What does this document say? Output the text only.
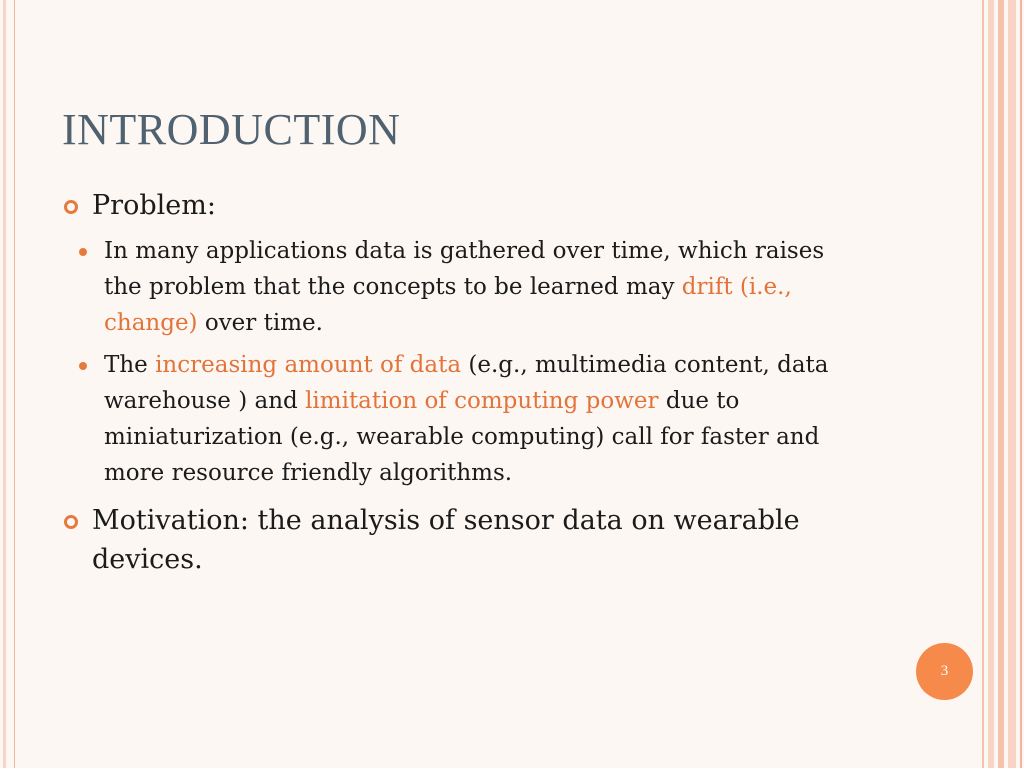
INTRODUCTION
Problem:
In many applications data is gathered over time, which raises the problem that the concepts to be learned may drift (i.e., change) over time.
The increasing amount of data (e.g., multimedia content, data warehouse ) and limitation of computing power due to miniaturization (e.g., wearable computing) call for faster and more resource friendly algorithms.
Motivation: the analysis of sensor data on wearable devices.
3
